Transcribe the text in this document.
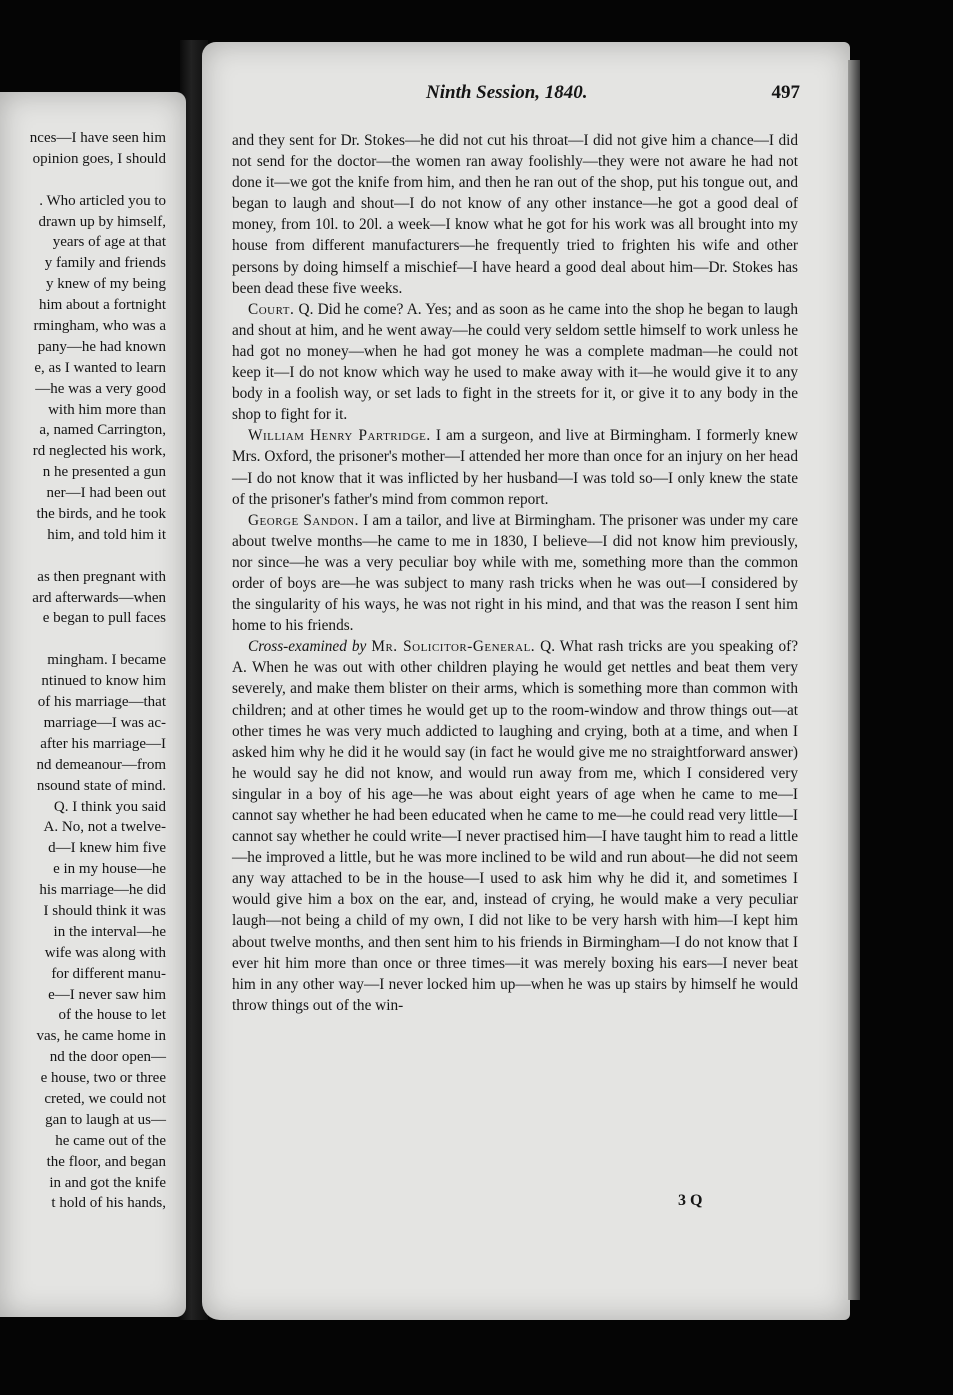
nces—I have seen him
opinion goes, I should
. Who articled you to
drawn up by himself,
years of age at that
y family and friends
y knew of my being
him about a fortnight
rmingham, who was a
pany—he had known
e, as I wanted to learn
—he was a very good
with him more than
a, named Carrington,
rd neglected his work,
n he presented a gun
ner—I had been out
the birds, and he took
him, and told him it
as then pregnant with
ard afterwards—when
e began to pull faces
mingham. I became
ntinued to know him
of his marriage—that
marriage—I was ac-
after his marriage—I
nd demeanour—from
nsound state of mind.
Q. I think you said
A. No, not a twelve-
d—I knew him five
e in my house—he
his marriage—he did
I should think it was
in the interval—he
wife was along with
for different manu-
e—I never saw him
of the house to let
vas, he came home in
nd the door open—
e house, two or three
creted, we could not
gan to laugh at us—
he came out of the
the floor, and began
in and got the knife
t hold of his hands,
Ninth Session, 1840.	497

and they sent for Dr. Stokes—he did not cut his throat—I did not give him a chance—I did not send for the doctor—the women ran away foolishly—they were not aware he had not done it—we got the knife from him, and then he ran out of the shop, put his tongue out, and began to laugh and shout—I do not know of any other instance—he got a good deal of money, from 10l. to 20l. a week—I know what he got for his work was all brought into my house from different manufacturers—he frequently tried to frighten his wife and other persons by doing himself a mischief—I have heard a good deal about him—Dr. Stokes has been dead these five weeks.

Court. Q. Did he come? A. Yes; and as soon as he came into the shop he began to laugh and shout at him, and he went away—he could very seldom settle himself to work unless he had got no money—when he had got money he was a complete madman—he could not keep it—I do not know which way he used to make away with it—he would give it to any body in a foolish way, or set lads to fight in the streets for it, or give it to any body in the shop to fight for it.

William Henry Partridge. I am a surgeon, and live at Birmingham. I formerly knew Mrs. Oxford, the prisoner's mother—I attended her more than once for an injury on her head—I do not know that it was inflicted by her husband—I was told so—I only knew the state of the prisoner's father's mind from common report.

George Sandon. I am a tailor, and live at Birmingham. The prisoner was under my care about twelve months—he came to me in 1830, I believe—I did not know him previously, nor since—he was a very peculiar boy while with me, something more than the common order of boys are—he was subject to many rash tricks when he was out—I considered by the singularity of his ways, he was not right in his mind, and that was the reason I sent him home to his friends.

Cross-examined by Mr. Solicitor-General. Q. What rash tricks are you speaking of? A. When he was out with other children playing he would get nettles and beat them very severely, and make them blister on their arms, which is something more than common with children; and at other times he would get up to the room-window and throw things out—at other times he was very much addicted to laughing and crying, both at a time, and when I asked him why he did it he would say (in fact he would give me no straightforward answer) he would say he did not know, and would run away from me, which I considered very singular in a boy of his age—he was about eight years of age when he came to me—I cannot say whether he had been educated when he came to me—he could read very little—I cannot say whether he could write—I never practised him—I have taught him to read a little—he improved a little, but he was more inclined to be wild and run about—he did not seem any way attached to be in the house—I used to ask him why he did it, and sometimes I would give him a box on the ear, and, instead of crying, he would make a very peculiar laugh—not being a child of my own, I did not like to be very harsh with him—I kept him about twelve months, and then sent him to his friends in Birmingham—I do not know that I ever hit him more than once or three times—it was merely boxing his ears—I never beat him in any other way—I never locked him up—when he was up stairs by himself he would throw things out of the win-

3 Q
